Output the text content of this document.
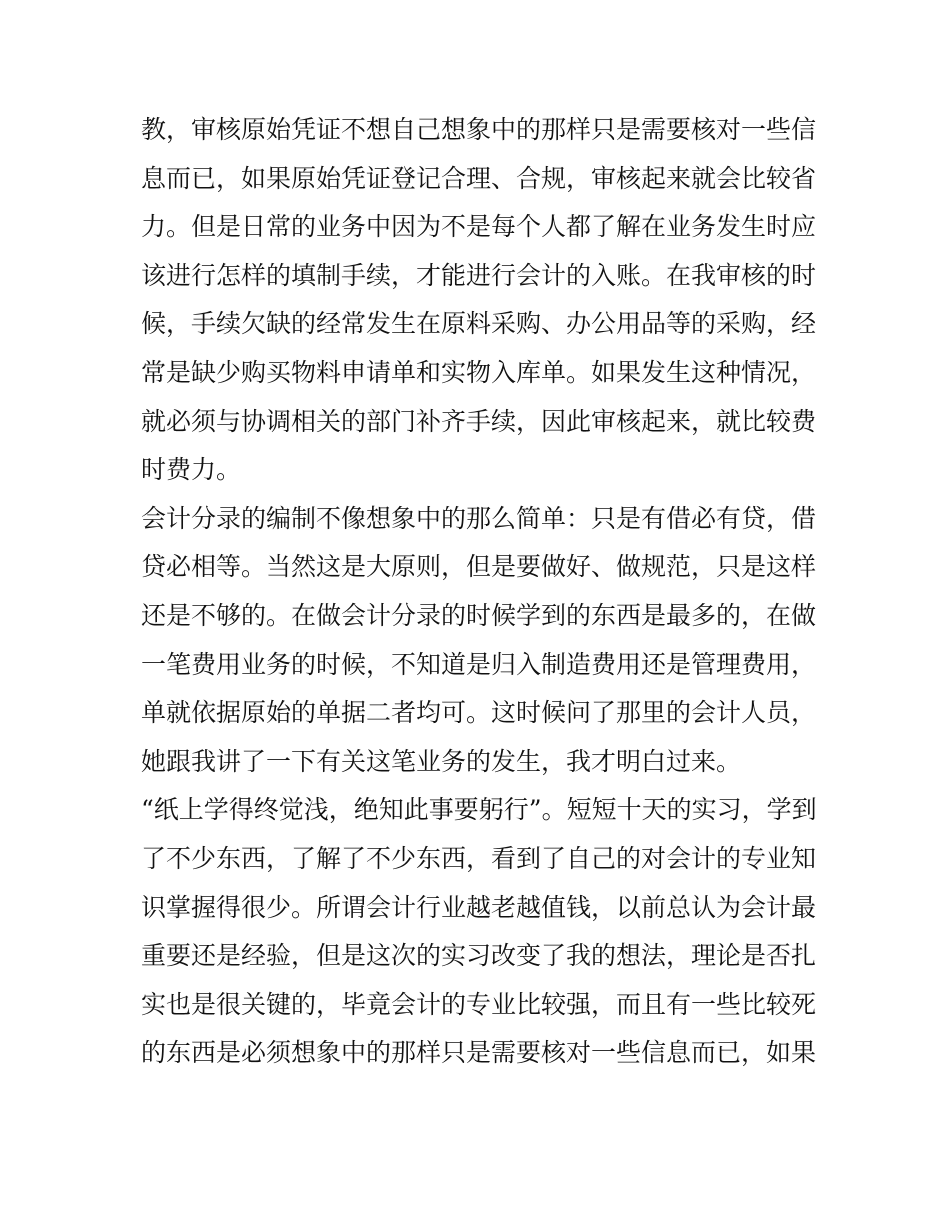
教，审核原始凭证不想自己想象中的那样只是需要核对一些信
息而已，如果原始凭证登记合理、合规，审核起来就会比较省
力。但是日常的业务中因为不是每个人都了解在业务发生时应
该进行怎样的填制手续，才能进行会计的入账。在我审核的时
候，手续欠缺的经常发生在原料采购、办公用品等的采购，经
常是缺少购买物料申请单和实物入库单。如果发生这种情况，
就必须与协调相关的部门补齐手续，因此审核起来，就比较费
时费力。
会计分录的编制不像想象中的那么简单：只是有借必有贷，借
贷必相等。当然这是大原则，但是要做好、做规范，只是这样
还是不够的。在做会计分录的时候学到的东西是最多的，在做
一笔费用业务的时候，不知道是归入制造费用还是管理费用，
单就依据原始的单据二者均可。这时候问了那里的会计人员，
她跟我讲了一下有关这笔业务的发生，我才明白过来。
“纸上学得终觉浅，绝知此事要躬行”。短短十天的实习，学到
了不少东西，了解了不少东西，看到了自己的对会计的专业知
识掌握得很少。所谓会计行业越老越值钱，以前总认为会计最
重要还是经验，但是这次的实习改变了我的想法，理论是否扎
实也是很关键的，毕竟会计的专业比较强，而且有一些比较死
的东西是必须想象中的那样只是需要核对一些信息而已，如果
